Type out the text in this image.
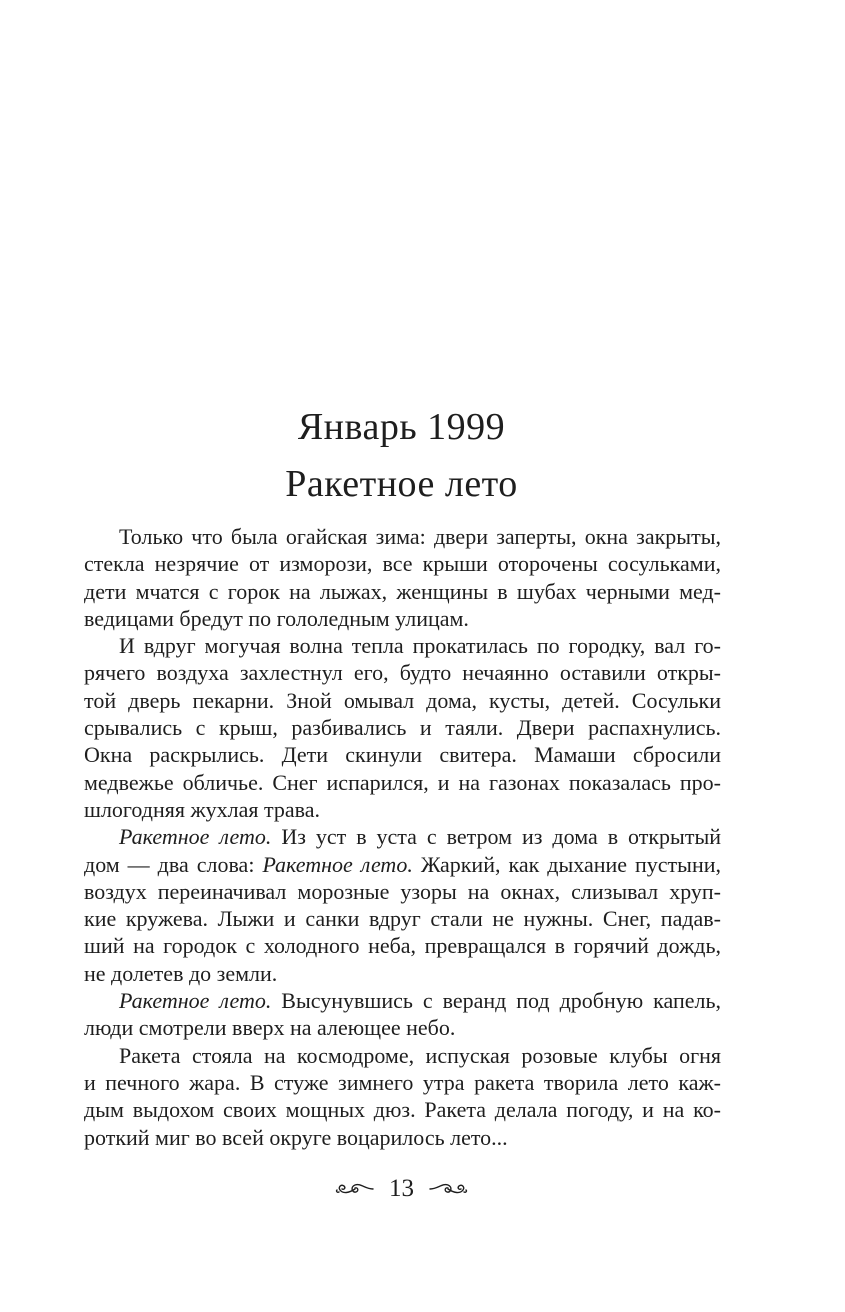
Январь 1999
Ракетное лето
Только что была огайская зима: двери заперты, окна закрыты,
стекла незрячие от изморози, все крыши оторочены сосульками,
дети мчатся с горок на лыжах, женщины в шубах черными мед-
ведицами бредут по гололедным улицам.
И вдруг могучая волна тепла прокатилась по городку, вал го-
рячего воздуха захлестнул его, будто нечаянно оставили откры-
той дверь пекарни. Зной омывал дома, кусты, детей. Сосульки
срывались с крыш, разбивались и таяли. Двери распахнулись.
Окна раскрылись. Дети скинули свитера. Мамаши сбросили
медвежье обличье. Снег испарился, и на газонах показалась про-
шлогодняя жухлая трава.
Ракетное лето. Из уст в уста с ветром из дома в открытый
дом — два слова: Ракетное лето. Жаркий, как дыхание пустыни,
воздух переиначивал морозные узоры на окнах, слизывал хруп-
кие кружева. Лыжи и санки вдруг стали не нужны. Снег, падав-
ший на городок с холодного неба, превращался в горячий дождь,
не долетев до земли.
Ракетное лето. Высунувшись с веранд под дробную капель,
люди смотрели вверх на алеющее небо.
Ракета стояла на космодроме, испуская розовые клубы огня
и печного жара. В стуже зимнего утра ракета творила лето каж-
дым выдохом своих мощных дюз. Ракета делала погоду, и на ко-
роткий миг во всей округе воцарилось лето...
13
